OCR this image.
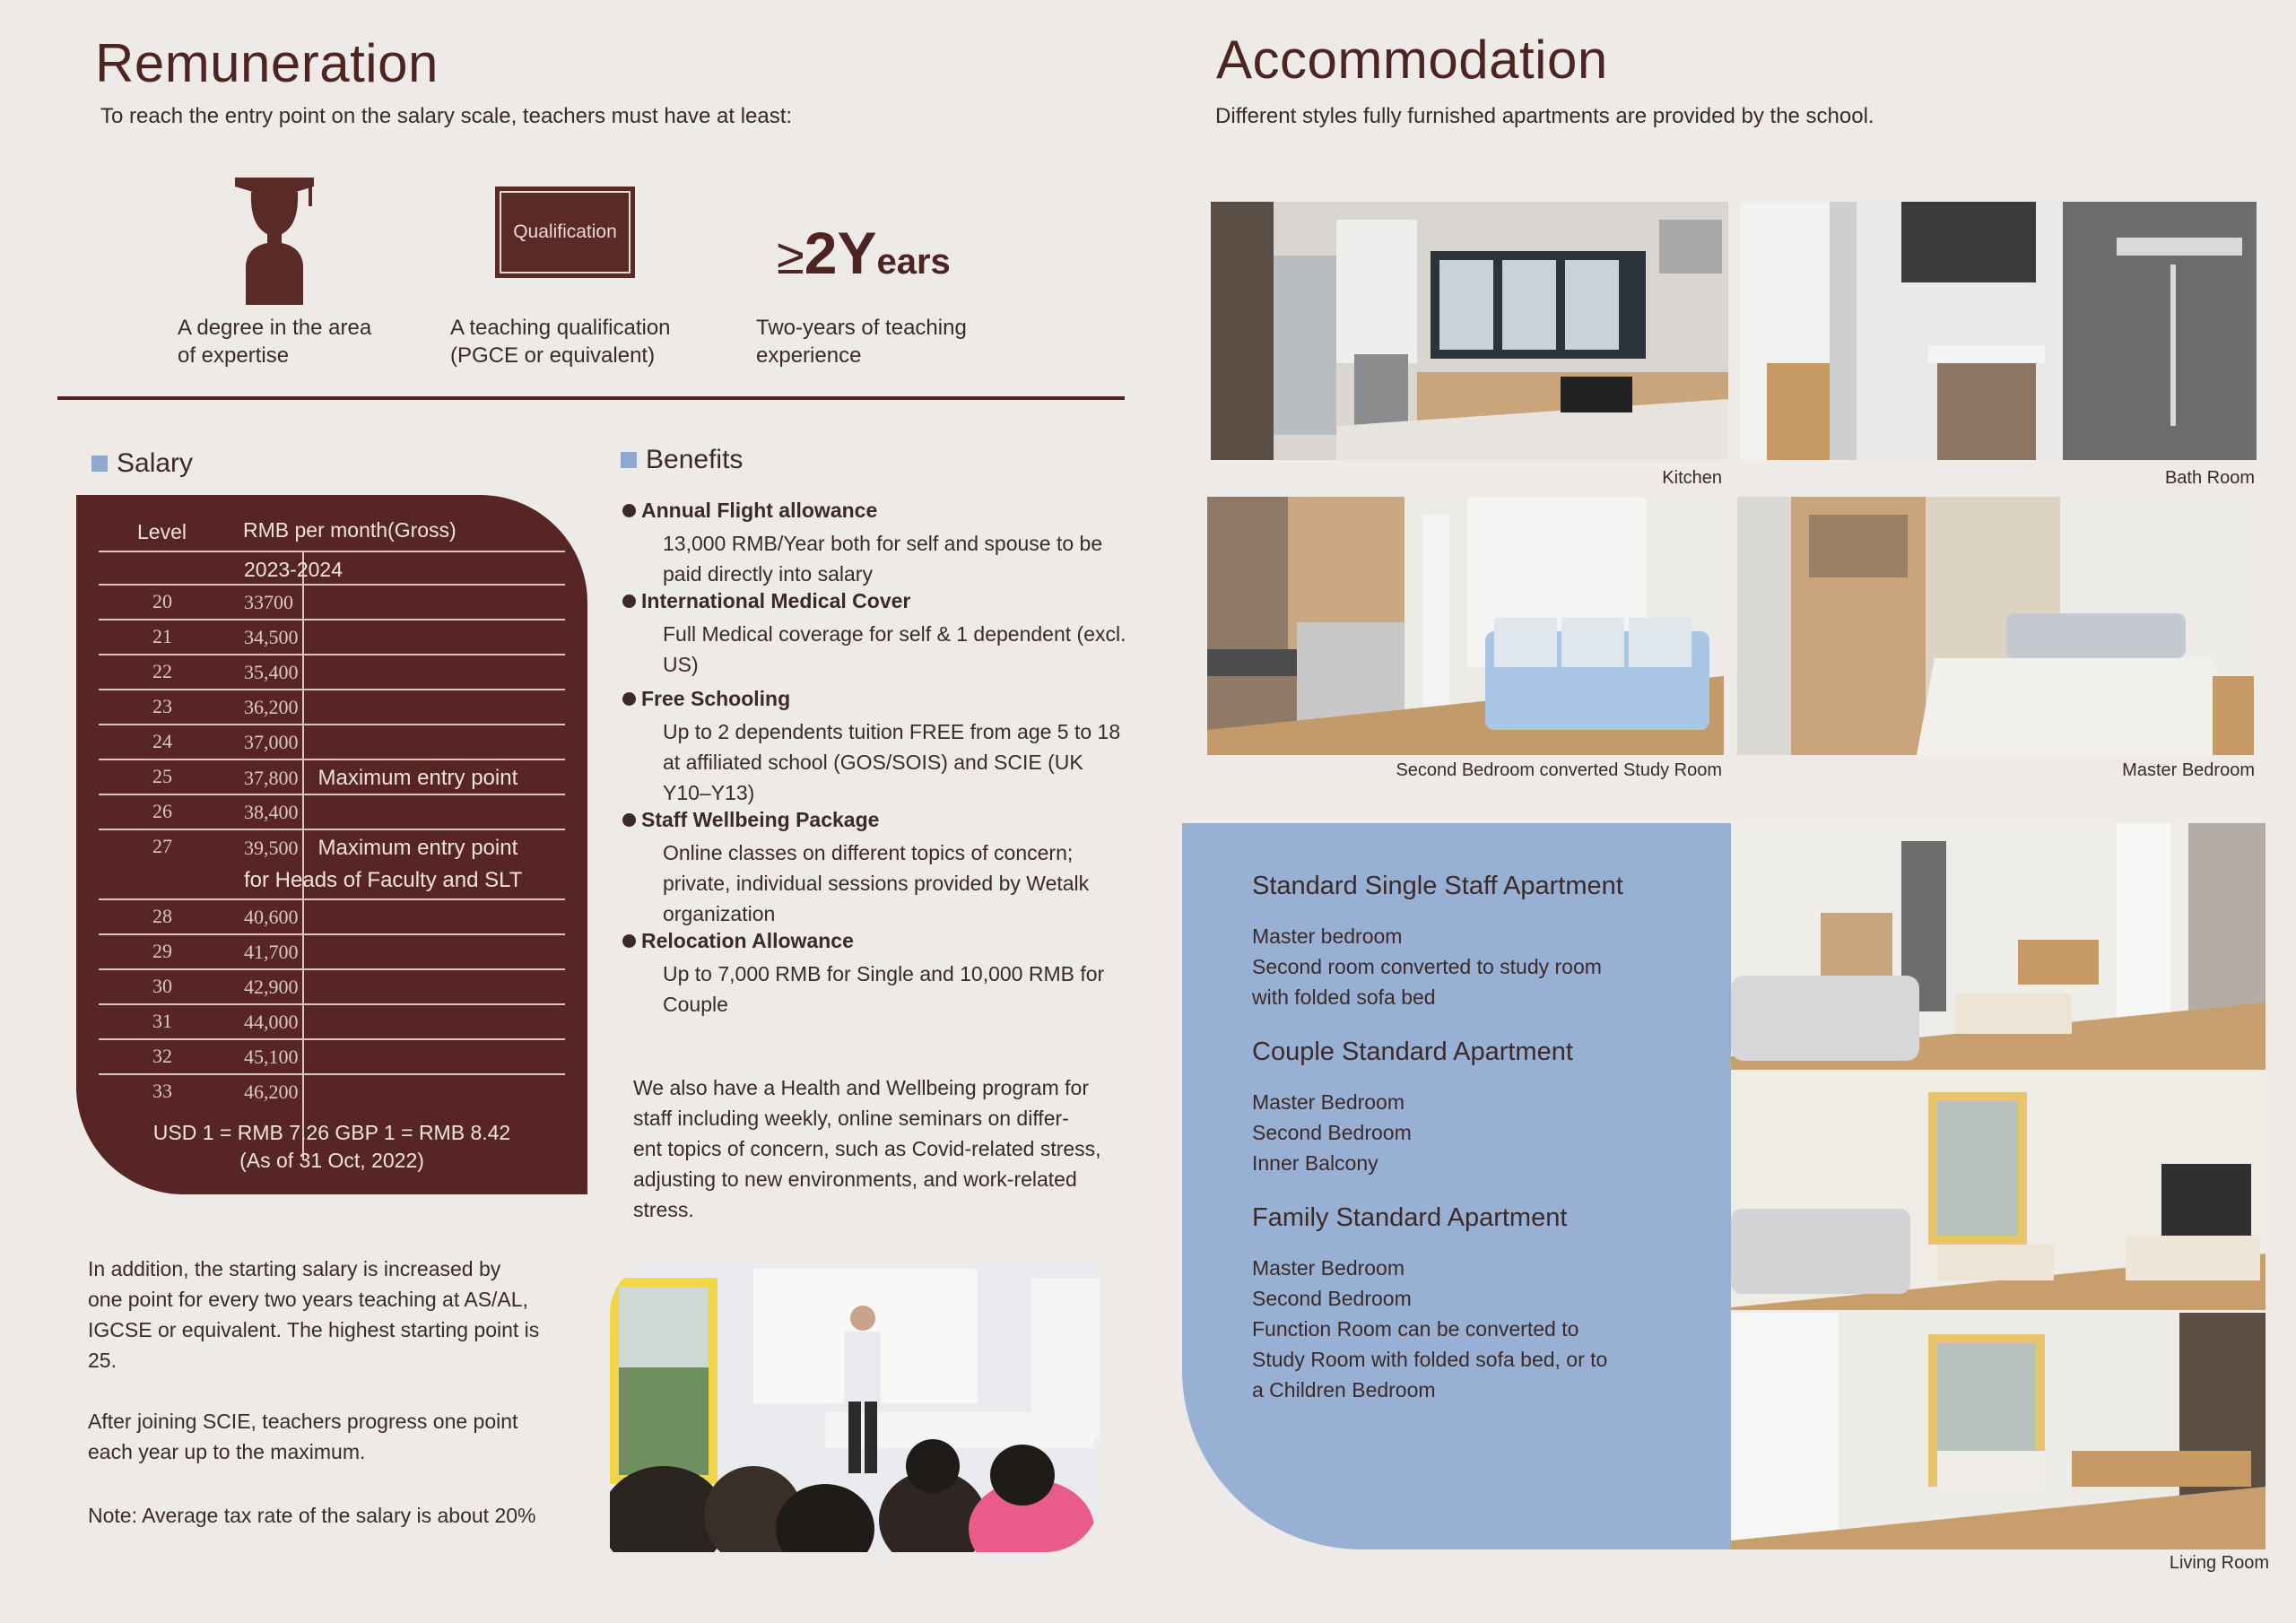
Remuneration
To reach the entry point on the salary scale, teachers must have at least:
Qualification	≥2Years
A degree in the area
of expertise
A teaching qualification
(PGCE or equivalent)
Two-years of teaching
experience
Salary
Level	RMB per month(Gross)
2023-2024
20	33700
21	34,500
22	35,400
23	36,200
24	37,000
25	37,800 Maximum entry point
26	38,400
27	39,500 Maximum entry point
for Heads of Faculty and SLT
28	40,600
29	41,700
30	42,900
31	44,000
32	45,100
33	46,200
USD 1 = RMB 7.26 GBP 1 = RMB 8.42
(As of 31 Oct, 2022)
In addition, the starting salary is increased by
one point for every two years teaching at AS/AL,
IGCSE or equivalent. The highest starting point is
25.
After joining SCIE, teachers progress one point
each year up to the maximum.
Note: Average tax rate of the salary is about 20%
Benefits
Annual Flight allowance
13,000 RMB/Year both for self and spouse to be
paid directly into salary
International Medical Cover
Full Medical coverage for self & 1 dependent (excl.
US)
Free Schooling
Up to 2 dependents tuition FREE from age 5 to 18
at affiliated school (GOS/SOIS) and SCIE (UK
Y10–Y13)
Staff Wellbeing Package
Online classes on different topics of concern;
private, individual sessions provided by Wetalk
organization
Relocation Allowance
Up to 7,000 RMB for Single and 10,000 RMB for
Couple
We also have a Health and Wellbeing program for
staff including weekly, online seminars on differ-
ent topics of concern, such as Covid-related stress,
adjusting to new environments, and work-related
stress.
Accommodation
Different styles fully furnished apartments are provided by the school.
Kitchen	Bath Room
Second Bedroom converted Study Room	Master Bedroom
Standard Single Staff Apartment
Master bedroom
Second room converted to study room
with folded sofa bed
Couple Standard Apartment
Master Bedroom
Second Bedroom
Inner Balcony
Family Standard Apartment
Master Bedroom
Second Bedroom
Function Room can be converted to
Study Room with folded sofa bed, or to
a Children Bedroom
Living Room
